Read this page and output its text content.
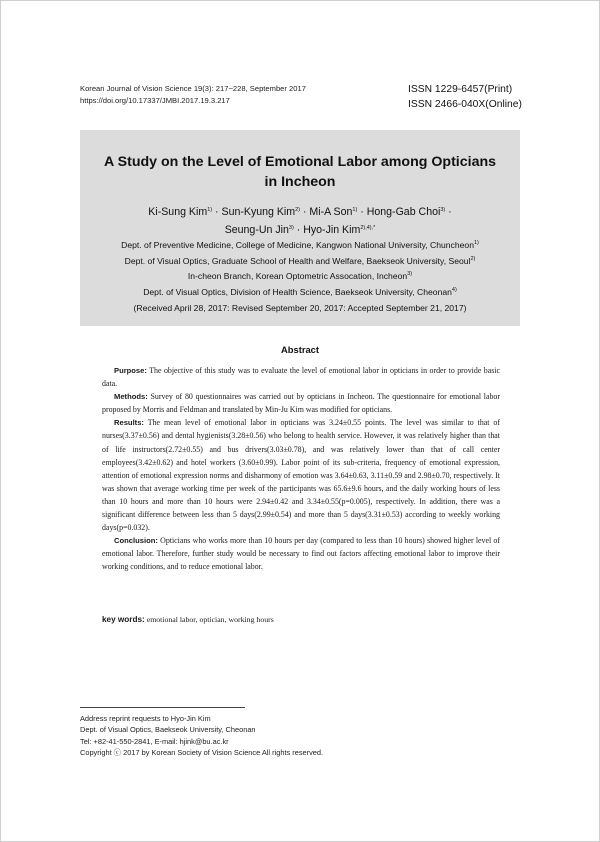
Korean Journal of Vision Science 19(3): 217~228, September 2017
https://doi.org/10.17337/JMBI.2017.19.3.217
ISSN 1229-6457(Print)
ISSN 2466-040X(Online)
A Study on the Level of Emotional Labor among Opticians
in Incheon
Ki-Sung Kim$^{1)}$ · Sun-Kyung Kim$^{2)}$ · Mi-A Son$^{1)}$ · Hong-Gab Choi$^{3)}$ ·
Seung-Un Jin$^{3)}$ · Hyo-Jin Kim$^{2),4),*}$
Dept. of Preventive Medicine, College of Medicine, Kangwon National University, Chuncheon$^{1)}$
Dept. of Visual Optics, Graduate School of Health and Welfare, Baekseok University, Seoul$^{2)}$
In-cheon Branch, Korean Optometric Assocation, Incheon$^{3)}$
Dept. of Visual Optics, Division of Health Science, Baekseok University, Cheonan$^{4)}$
(Received April 28, 2017: Revised September 20, 2017: Accepted September 21, 2017)
Abstract

Purpose: The objective of this study was to evaluate the level of emotional labor in opticians in order to provide basic data.

Methods: Survey of 80 questionnaires was carried out by opticians in Incheon. The questionnaire for emotional labor proposed by Morris and Feldman and translated by Min-Ju Kim was modified for opticians.

Results: The mean level of emotional labor in opticians was 3.24±0.55 points. The level was similar to that of nurses(3.37±0.56) and dental hygienists(3.28±0.56) who belong to health service. However, it was relatively higher than that of life instructors(2.72±0.55) and bus drivers(3.03±0.78), and was relatively lower than that of call center employees(3.42±0.62) and hotel workers (3.60±0.99). Labor point of its sub-criteria, frequency of emotional expression, attention of emotional expression norms and disharmony of emotion was 3.64±0.63, 3.11±0.59 and 2.98±0.70, respectively. It was shown that average working time per week of the participants was 65.6±9.6 hours, and the daily working hours of less than 10 hours and more than 10 hours were 2.94±0.42 and 3.34±0.55(p=0.005), respectively. In addition, there was a significant difference between less than 5 days(2.99±0.54) and more than 5 days(3.31±0.53) according to weekly working days(p=0.032).

Conclusion: Opticians who works more than 10 hours per day (compared to less than 10 hours) showed higher level of emotional labor. Therefore, further study would be necessary to find out factors affecting emotional labor to improve their working conditions, and to reduce emotional labor.

key words: emotional labor, optician, working hours
Address reprint requests to Hyo-Jin Kim
Dept. of Visual Optics, Baekseok University, Cheonan
Tel: +82-41-550-2841, E-mail: hjink@bu.ac.kr
Copyright ⓒ 2017 by Korean Society of Vision Science All rights reserved.
